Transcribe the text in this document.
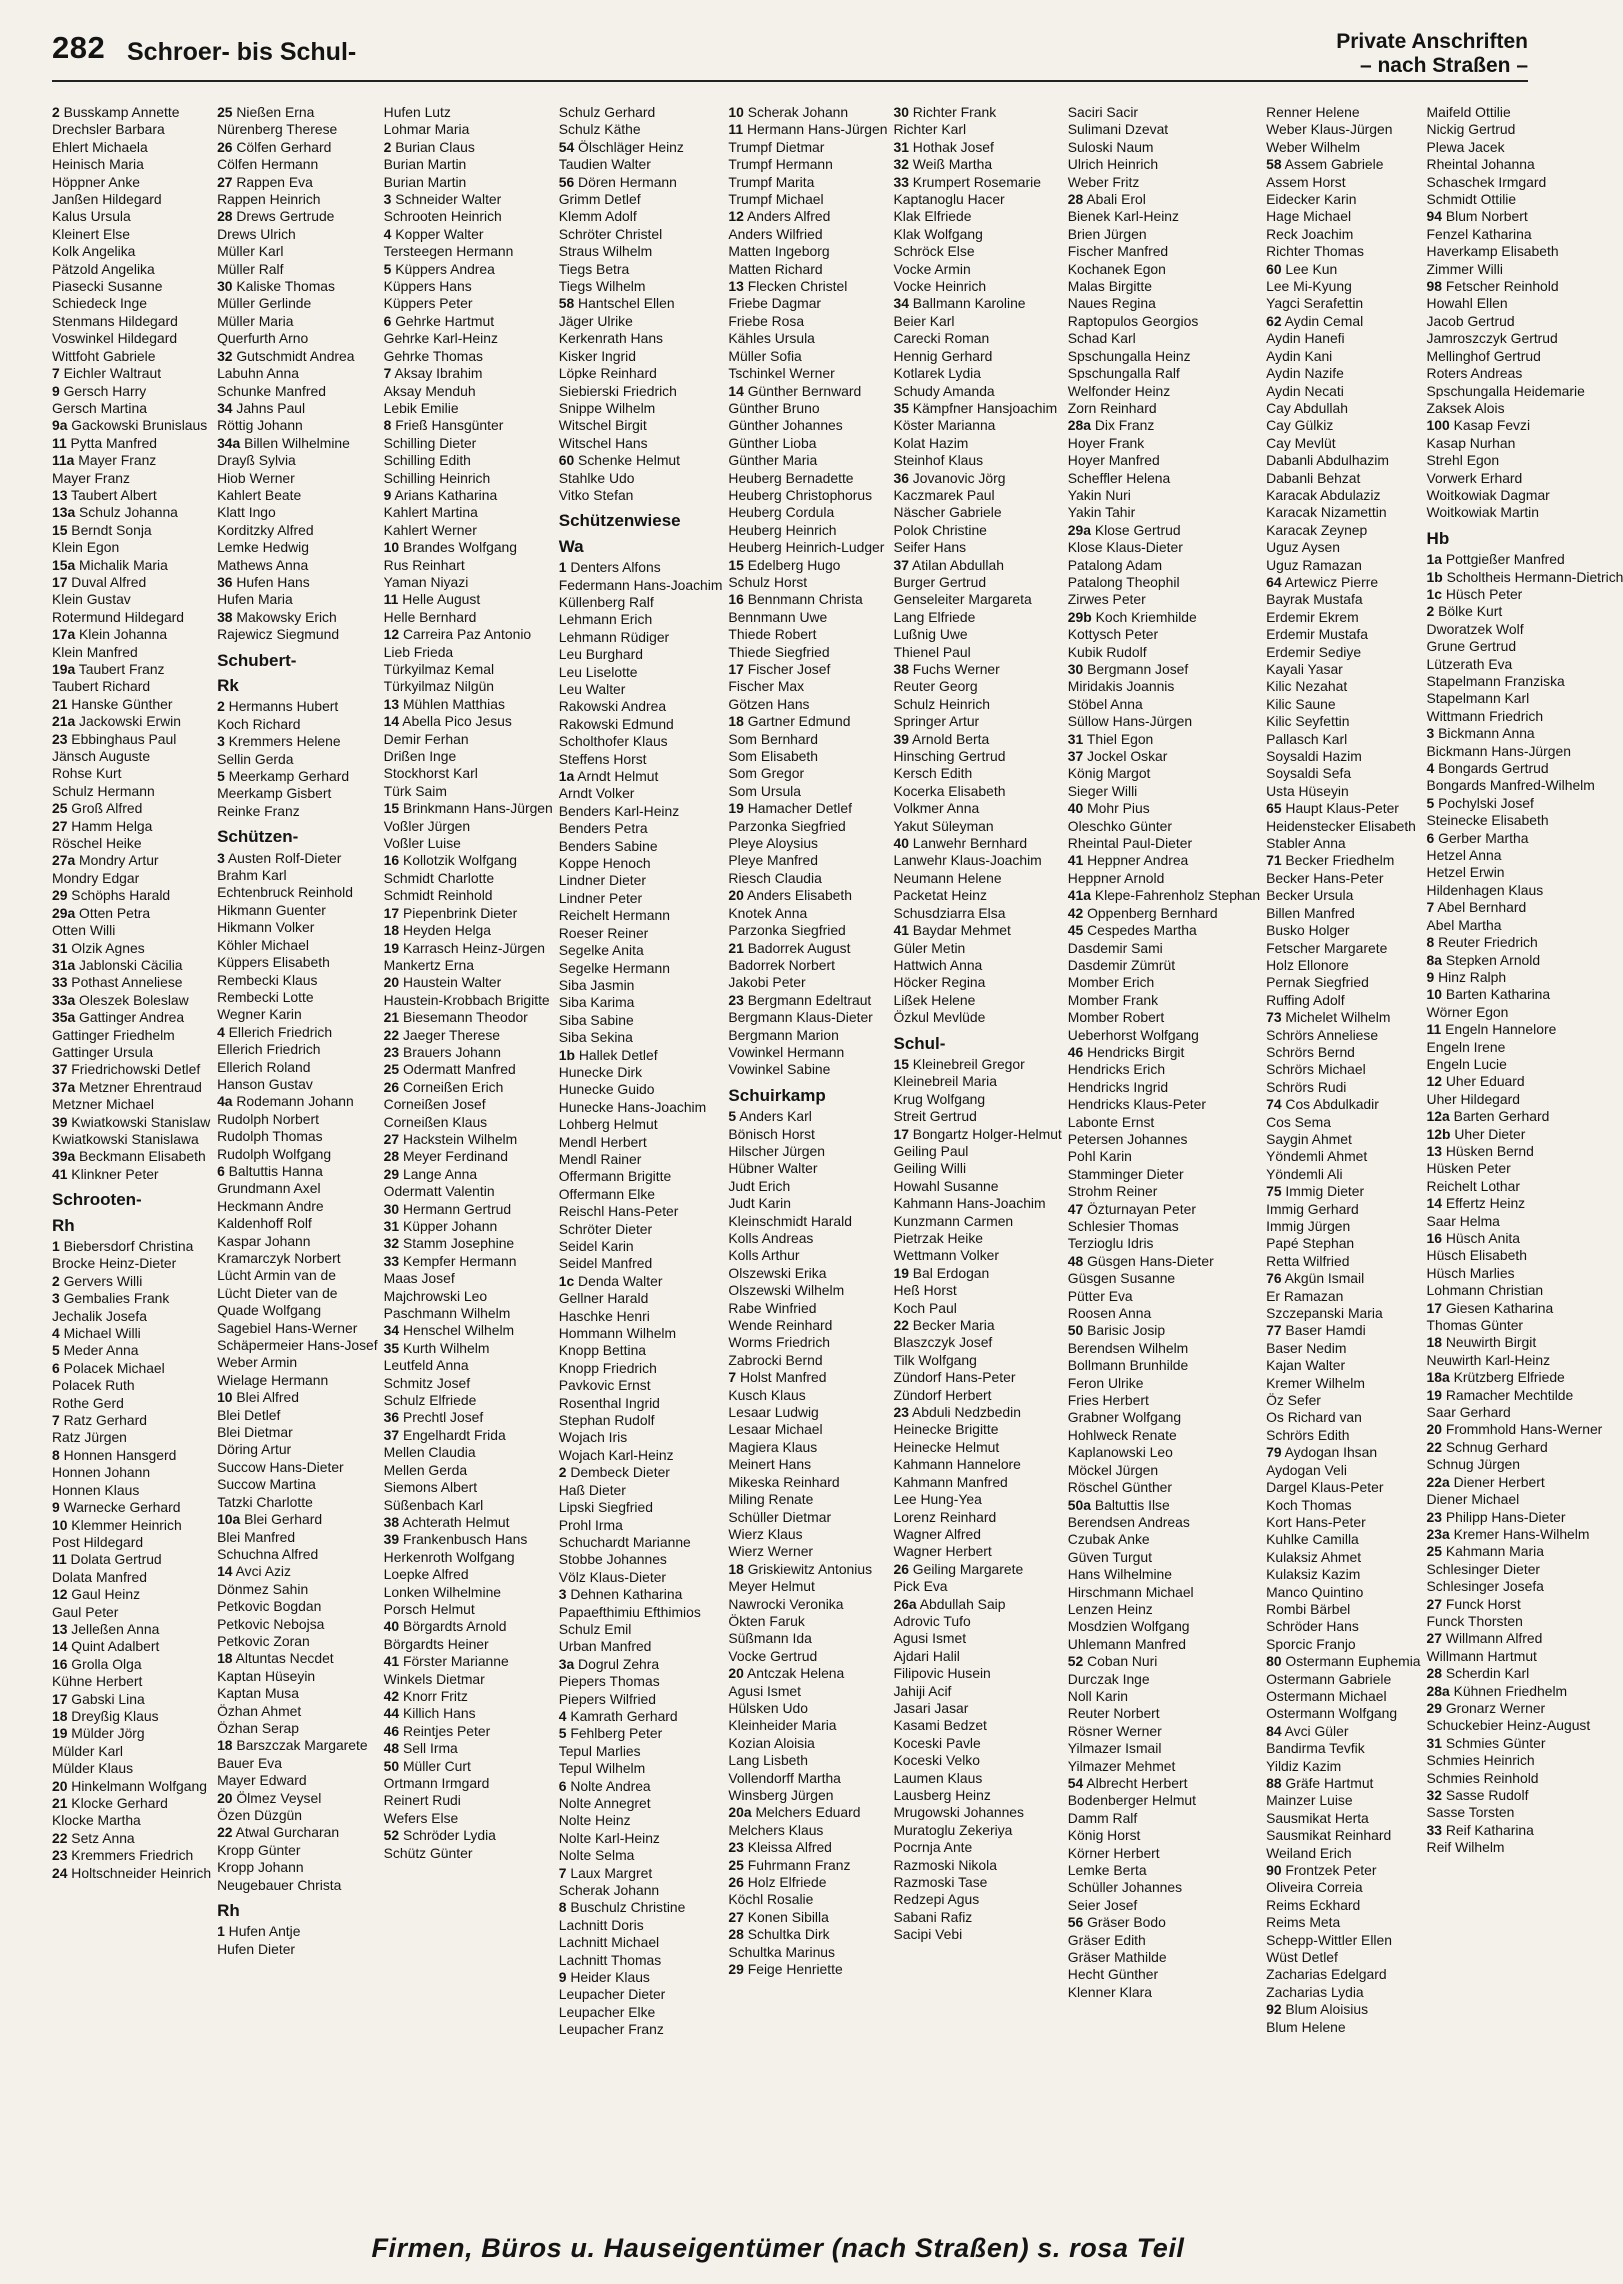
282 Schroer- bis Schul-	Private Anschriften
– nach Straßen –
2 Busskamp Annette
Drechsler Barbara
Ehlert Michaela
Heinisch Maria
Höppner Anke
Janßen Hildegard
Kalus Ursula
Kleinert Else
Kolk Angelika
Pätzold Angelika
Piasecki Susanne
Schiedeck Inge
Stenmans Hildegard
Voswinkel Hildegard
Wittfoht Gabriele
7 Eichler Waltraut
9 Gersch Harry
Gersch Martina
9a Gackowski Brunislaus
11 Pytta Manfred
11a Mayer Franz
Mayer Franz
13 Taubert Albert
13a Schulz Johanna
15 Berndt Sonja
Klein Egon
15a Michalik Maria
17 Duval Alfred
Klein Gustav
Rotermund Hildegard
17a Klein Johanna
Klein Manfred
19a Taubert Franz
Taubert Richard
21 Hanske Günther
21a Jackowski Erwin
23 Ebbinghaus Paul
Jänsch Auguste
Rohse Kurt
Schulz Hermann
25 Groß Alfred
27 Hamm Helga
Röschel Heike
27a Mondry Artur
Mondry Edgar
29 Schöphs Harald
29a Otten Petra
Otten Willi
31 Olzik Agnes
31a Jablonski Cäcilia
33 Pothast Anneliese
33a Oleszek Boleslaw
35a Gattinger Andrea
Gattinger Friedhelm
Gattinger Ursula
37 Friedrichowski Detlef
37a Metzner Ehrentraud
Metzner Michael
39 Kwiatkowski Stanislaw
Kwiatkowski Stanislawa
39a Beckmann Elisabeth
41 Klinkner Peter
Schrooten-
Rh
1 Biebersdorf Christina
Brocke Heinz-Dieter
2 Gervers Willi
3 Gembalies Frank
Jechalik Josefa
4 Michael Willi
5 Meder Anna
6 Polacek Michael
Polacek Ruth
Rothe Gerd
7 Ratz Gerhard
Ratz Jürgen
8 Honnen Hansgerd
Honnen Johann
Honnen Klaus
9 Warnecke Gerhard
10 Klemmer Heinrich
Post Hildegard
11 Dolata Gertrud
Dolata Manfred
12 Gaul Heinz
Gaul Peter
13 Jelleßen Anna
14 Quint Adalbert
16 Grolla Olga
Kühne Herbert
17 Gabski Lina
18 Dreyßig Klaus
19 Mülder Jörg
Mülder Karl
Mülder Klaus
20 Hinkelmann Wolfgang
21 Klocke Gerhard
Klocke Martha
22 Setz Anna
23 Kremmers Friedrich
24 Holtschneider Heinrich
25 Nießen Erna
Nürenberg Therese
26 Cölfen Gerhard
Cölfen Hermann
27 Rappen Eva
Rappen Heinrich
28 Drews Gertrude
Drews Ulrich
Müller Karl
Müller Ralf
30 Kaliske Thomas
Müller Gerlinde
Müller Maria
Querfurth Arno
32 Gutschmidt Andrea
Labuhn Anna
Schunke Manfred
34 Jahns Paul
Röttig Johann
34a Billen Wilhelmine
Drayß Sylvia
Hiob Werner
Kahlert Beate
Klatt Ingo
Korditzky Alfred
Lemke Hedwig
Mathews Anna
36 Hufen Hans
Hufen Maria
38 Makowsky Erich
Rajewicz Siegmund
Schubert-
Rk
2 Hermanns Hubert
Koch Richard
3 Kremmers Helene
Sellin Gerda
5 Meerkamp Gerhard
Meerkamp Gisbert
Reinke Franz
Schützen-
3 Austen Rolf-Dieter
Brahm Karl
Echtenbruck Reinhold
Hikmann Guenter
Hikmann Volker
Köhler Michael
Küppers Elisabeth
Rembecki Klaus
Rembecki Lotte
Wegner Karin
4 Ellerich Friedrich
Ellerich Friedrich
Ellerich Roland
Hanson Gustav
4a Rodemann Johann
Rudolph Norbert
Rudolph Thomas
Rudolph Wolfgang
6 Baltuttis Hanna
Grundmann Axel
Heckmann Andre
Kaldenhoff Rolf
Kaspar Johann
Kramarczyk Norbert
Lücht Armin van de
Lücht Dieter van de
Quade Wolfgang
Sagebiel Hans-Werner
Schäpermeier Hans-Josef
Weber Armin
Wielage Hermann
10 Blei Alfred
Blei Detlef
Blei Dietmar
Döring Artur
Succow Hans-Dieter
Succow Martina
Tatzki Charlotte
10a Blei Gerhard
Blei Manfred
Schuchna Alfred
14 Avci Aziz
Dönmez Sahin
Petkovic Bogdan
Petkovic Nebojsa
Petkovic Zoran
18 Altuntas Necdet
Kaptan Hüseyin
Kaptan Musa
Özhan Ahmet
Özhan Serap
18 Barszczak Margarete
Bauer Eva
Mayer Edward
20 Ölmez Veysel
Özen Düzgün
22 Atwal Gurcharan
Kropp Günter
Kropp Johann
Neugebauer Christa
Rh
1 Hufen Antje
Hufen Dieter
Hufen Lutz
Lohmar Maria
2 Burian Claus
Burian Martin
Burian Martin
3 Schneider Walter
Schrooten Heinrich
4 Kopper Walter
Tersteegen Hermann
5 Küppers Andrea
Küppers Hans
Küppers Peter
6 Gehrke Hartmut
Gehrke Karl-Heinz
Gehrke Thomas
7 Aksay Ibrahim
Aksay Menduh
Lebik Emilie
8 Frieß Hansgünter
Schilling Dieter
Schilling Edith
Schilling Heinrich
9 Arians Katharina
Kahlert Martina
Kahlert Werner
10 Brandes Wolfgang
Rus Reinhart
Yaman Niyazi
11 Helle August
Helle Bernhard
12 Carreira Paz Antonio
Lieb Frieda
Türkyilmaz Kemal
Türkyilmaz Nilgün
13 Mühlen Matthias
14 Abella Pico Jesus
Demir Ferhan
Drißen Inge
Stockhorst Karl
Türk Saim
15 Brinkmann Hans-Jürgen
Voßler Jürgen
Voßler Luise
16 Kollotzik Wolfgang
Schmidt Charlotte
Schmidt Reinhold
17 Piepenbrink Dieter
18 Heyden Helga
19 Karrasch Heinz-Jürgen
Mankertz Erna
20 Haustein Walter
Haustein-Krobbach Brigitte
21 Biesemann Theodor
22 Jaeger Therese
23 Brauers Johann
25 Odermatt Manfred
26 Corneißen Erich
Corneißen Josef
Corneißen Klaus
27 Hackstein Wilhelm
28 Meyer Ferdinand
29 Lange Anna
Odermatt Valentin
30 Hermann Gertrud
31 Küpper Johann
32 Stamm Josephine
33 Kempfer Hermann
Maas Josef
Majchrowski Leo
Paschmann Wilhelm
34 Henschel Wilhelm
35 Kurth Wilhelm
Leutfeld Anna
Schmitz Josef
Schulz Elfriede
36 Prechtl Josef
37 Engelhardt Frida
Mellen Claudia
Mellen Gerda
Siemons Albert
Süßenbach Karl
38 Achterath Helmut
39 Frankenbusch Hans
Herkenroth Wolfgang
Loepke Alfred
Lonken Wilhelmine
Porsch Helmut
40 Börgardts Arnold
Börgardts Heiner
41 Förster Marianne
Winkels Dietmar
42 Knorr Fritz
44 Killich Hans
46 Reintjes Peter
48 Sell Irma
50 Müller Curt
Ortmann Irmgard
Reinert Rudi
Wefers Else
52 Schröder Lydia
Schütz Günter
Schulz Gerhard
Schulz Käthe
54 Ölschläger Heinz
Taudien Walter
56 Dören Hermann
Grimm Detlef
Klemm Adolf
Schröter Christel
Straus Wilhelm
Tiegs Betra
Tiegs Wilhelm
58 Hantschel Ellen
Jäger Ulrike
Kerkenrath Hans
Kisker Ingrid
Löpke Reinhard
Siebierski Friedrich
Snippe Wilhelm
Witschel Birgit
Witschel Hans
60 Schenke Helmut
Stahlke Udo
Vitko Stefan
Schützenwiese
Wa
1 Denters Alfons
Federmann Hans-Joachim
Küllenberg Ralf
Lehmann Erich
Lehmann Rüdiger
Leu Burghard
Leu Liselotte
Leu Walter
Rakowski Andrea
Rakowski Edmund
Scholthofer Klaus
Steffens Horst
1a Arndt Helmut
Arndt Volker
Benders Karl-Heinz
Benders Petra
Benders Sabine
Koppe Henoch
Lindner Dieter
Lindner Peter
Reichelt Hermann
Roeser Reiner
Segelke Anita
Segelke Hermann
Siba Jasmin
Siba Karima
Siba Sabine
Siba Sekina
1b Hallek Detlef
Hunecke Dirk
Hunecke Guido
Hunecke Hans-Joachim
Lohberg Helmut
Mendl Herbert
Mendl Rainer
Offermann Brigitte
Offermann Elke
Reischl Hans-Peter
Schröter Dieter
Seidel Karin
Seidel Manfred
1c Denda Walter
Gellner Harald
Haschke Henri
Hommann Wilhelm
Knopp Bettina
Knopp Friedrich
Pavkovic Ernst
Rosenthal Ingrid
Stephan Rudolf
Wojach Iris
Wojach Karl-Heinz
2 Dembeck Dieter
Haß Dieter
Lipski Siegfried
Prohl Irma
Schuchardt Marianne
Stobbe Johannes
Völz Klaus-Dieter
3 Dehnen Katharina
Papaefthimiu Efthimios
Schulz Emil
Urban Manfred
3a Dogrul Zehra
Piepers Thomas
Piepers Wilfried
4 Kamrath Gerhard
5 Fehlberg Peter
Tepul Marlies
Tepul Wilhelm
6 Nolte Andrea
Nolte Annegret
Nolte Heinz
Nolte Karl-Heinz
Nolte Selma
7 Laux Margret
Scherak Johann
8 Buschulz Christine
Lachnitt Doris
Lachnitt Michael
Lachnitt Thomas
9 Heider Klaus
Leupacher Dieter
Leupacher Elke
Leupacher Franz
10 Scherak Johann
11 Hermann Hans-Jürgen
Trumpf Dietmar
Trumpf Hermann
Trumpf Marita
Trumpf Michael
12 Anders Alfred
Anders Wilfried
Matten Ingeborg
Matten Richard
13 Flecken Christel
Friebe Dagmar
Friebe Rosa
Kähles Ursula
Müller Sofia
Tschinkel Werner
14 Günther Bernward
Günther Bruno
Günther Johannes
Günther Lioba
Günther Maria
Heuberg Bernadette
Heuberg Christophorus
Heuberg Cordula
Heuberg Heinrich
Heuberg Heinrich-Ludger
15 Edelberg Hugo
Schulz Horst
16 Bennmann Christa
Bennmann Uwe
Thiede Robert
Thiede Siegfried
17 Fischer Josef
Fischer Max
Götzen Hans
18 Gartner Edmund
Som Bernhard
Som Elisabeth
Som Gregor
Som Ursula
19 Hamacher Detlef
Parzonka Siegfried
Pleye Aloysius
Pleye Manfred
Riesch Claudia
20 Anders Elisabeth
Knotek Anna
Parzonka Siegfried
21 Badorrek August
Badorrek Norbert
Jakobi Peter
23 Bergmann Edeltraut
Bergmann Klaus-Dieter
Bergmann Marion
Vowinkel Hermann
Vowinkel Sabine
Schuirkamp
5 Anders Karl
Bönisch Horst
Hilscher Jürgen
Hübner Walter
Judt Erich
Judt Karin
Kleinschmidt Harald
Kolls Andreas
Kolls Arthur
Olszewski Erika
Olszewski Wilhelm
Rabe Winfried
Wende Reinhard
Worms Friedrich
Zabrocki Bernd
7 Holst Manfred
Kusch Klaus
Lesaar Ludwig
Lesaar Michael
Magiera Klaus
Meinert Hans
Mikeska Reinhard
Miling Renate
Schüller Dietmar
Wierz Klaus
Wierz Werner
18 Griskiewitz Antonius
Meyer Helmut
Nawrocki Veronika
Ökten Faruk
Süßmann Ida
Vocke Gertrud
20 Antczak Helena
Agusi Ismet
Hülsken Udo
Kleinheider Maria
Kozian Aloisia
Lang Lisbeth
Vollendorff Martha
Winsberg Jürgen
20a Melchers Eduard
Melchers Klaus
23 Kleissa Alfred
25 Fuhrmann Franz
26 Holz Elfriede
Köchl Rosalie
27 Konen Sibilla
28 Schultka Dirk
Schultka Marinus
29 Feige Henriette
30 Richter Frank
Richter Karl
31 Hothak Josef
32 Weiß Martha
33 Krumpert Rosemarie
Kaptanoglu Hacer
Klak Elfriede
Klak Wolfgang
Schröck Else
Vocke Armin
Vocke Heinrich
34 Ballmann Karoline
Beier Karl
Carecki Roman
Hennig Gerhard
Kotlarek Lydia
Schudy Amanda
35 Kämpfner Hansjoachim
Köster Marianna
Kolat Hazim
Steinhof Klaus
36 Jovanovic Jörg
Kaczmarek Paul
Näscher Gabriele
Polok Christine
Seifer Hans
37 Atilan Abdullah
Burger Gertrud
Genseleiter Margareta
Lang Elfriede
Lußnig Uwe
Thienel Paul
38 Fuchs Werner
Reuter Georg
Schulz Heinrich
Springer Artur
39 Arnold Berta
Hinsching Gertrud
Kersch Edith
Kocerka Elisabeth
Volkmer Anna
Yakut Süleyman
40 Lanwehr Bernhard
Lanwehr Klaus-Joachim
Neumann Helene
Packetat Heinz
Schusdziarra Elsa
41 Baydar Mehmet
Güler Metin
Hattwich Anna
Höcker Regina
Lißek Helene
Özkul Mevlüde
Schul-
15 Kleinebreil Gregor
Kleinebreil Maria
Krug Wolfgang
Streit Gertrud
17 Bongartz Holger-Helmut
Geiling Paul
Geiling Willi
Howahl Susanne
Kahmann Hans-Joachim
Kunzmann Carmen
Pietrzak Heike
Wettmann Volker
19 Bal Erdogan
Heß Horst
Koch Paul
22 Becker Maria
Blaszczyk Josef
Tilk Wolfgang
Zündorf Hans-Peter
Zündorf Herbert
23 Abduli Nedzbedin
Heinecke Brigitte
Heinecke Helmut
Kahmann Hannelore
Kahmann Manfred
Lee Hung-Yea
Lorenz Reinhard
Wagner Alfred
Wagner Herbert
26 Geiling Margarete
Pick Eva
26a Abdullah Saip
Adrovic Tufo
Agusi Ismet
Ajdari Halil
Filipovic Husein
Jahiji Acif
Jasari Jasar
Kasami Bedzet
Koceski Pavle
Koceski Velko
Laumen Klaus
Lausberg Heinz
Mrugowski Johannes
Muratoglu Zekeriya
Pocrnja Ante
Razmoski Nikola
Razmoski Tase
Redzepi Agus
Sabani Rafiz
Sacipi Vebi
Saciri Sacir
Sulimani Dzevat
Suloski Naum
Ulrich Heinrich
Weber Fritz
28 Abali Erol
Bienek Karl-Heinz
Brien Jürgen
Fischer Manfred
Kochanek Egon
Malas Birgitte
Naues Regina
Raptopulos Georgios
Schad Karl
Spschungalla Heinz
Spschungalla Ralf
Welfonder Heinz
Zorn Reinhard
28a Dix Franz
Hoyer Frank
Hoyer Manfred
Scheffler Helena
Yakin Nuri
Yakin Tahir
29a Klose Gertrud
Klose Klaus-Dieter
Patalong Adam
Patalong Theophil
Zirwes Peter
29b Koch Kriemhilde
Kottysch Peter
Kubik Rudolf
30 Bergmann Josef
Miridakis Joannis
Stöbel Anna
Süllow Hans-Jürgen
31 Thiel Egon
37 Jockel Oskar
König Margot
Sieger Willi
40 Mohr Pius
Oleschko Günter
Rheintal Paul-Dieter
41 Heppner Andrea
Heppner Arnold
41a Klepe-Fahrenholz Stephan
42 Oppenberg Bernhard
45 Cespedes Martha
Dasdemir Sami
Dasdemir Zümrüt
Momber Erich
Momber Frank
Momber Robert
Ueberhorst Wolfgang
46 Hendricks Birgit
Hendricks Erich
Hendricks Ingrid
Hendricks Klaus-Peter
Labonte Ernst
Petersen Johannes
Pohl Karin
Stamminger Dieter
Strohm Reiner
47 Özturnayan Peter
Schlesier Thomas
Terzioglu Idris
48 Güsgen Hans-Dieter
Güsgen Susanne
Pütter Eva
Roosen Anna
50 Barisic Josip
Berendsen Wilhelm
Bollmann Brunhilde
Feron Ulrike
Fries Herbert
Grabner Wolfgang
Hohlweck Renate
Kaplanowski Leo
Möckel Jürgen
Röschel Günther
50a Baltuttis Ilse
Berendsen Andreas
Czubak Anke
Güven Turgut
Hans Wilhelmine
Hirschmann Michael
Lenzen Heinz
Mosdzien Wolfgang
Uhlemann Manfred
52 Coban Nuri
Durczak Inge
Noll Karin
Reuter Norbert
Rösner Werner
Yilmazer Ismail
Yilmazer Mehmet
54 Albrecht Herbert
Bodenberger Helmut
Damm Ralf
König Horst
Körner Herbert
Lemke Berta
Schüller Johannes
Seier Josef
56 Gräser Bodo
Gräser Edith
Gräser Mathilde
Hecht Günther
Klenner Klara
Renner Helene
Weber Klaus-Jürgen
Weber Wilhelm
58 Assem Gabriele
Assem Horst
Eidecker Karin
Hage Michael
Reck Joachim
Richter Thomas
60 Lee Kun
Lee Mi-Kyung
Yagci Serafettin
62 Aydin Cemal
Aydin Hanefi
Aydin Kani
Aydin Nazife
Aydin Necati
Cay Abdullah
Cay Gülkiz
Cay Mevlüt
Dabanli Abdulhazim
Dabanli Behzat
Karacak Abdulaziz
Karacak Nizamettin
Karacak Zeynep
Uguz Aysen
Uguz Ramazan
64 Artewicz Pierre
Bayrak Mustafa
Erdemir Ekrem
Erdemir Mustafa
Erdemir Sediye
Kayali Yasar
Kilic Nezahat
Kilic Saune
Kilic Seyfettin
Pallasch Karl
Soysaldi Hazim
Soysaldi Sefa
Usta Hüseyin
65 Haupt Klaus-Peter
Heidenstecker Elisabeth
Stabler Anna
71 Becker Friedhelm
Becker Hans-Peter
Becker Ursula
Billen Manfred
Busko Holger
Fetscher Margarete
Holz Ellonore
Pernak Siegfried
Ruffing Adolf
73 Michelet Wilhelm
Schrörs Anneliese
Schrörs Bernd
Schrörs Michael
Schrörs Rudi
74 Cos Abdulkadir
Cos Sema
Saygin Ahmet
Yöndemli Ahmet
Yöndemli Ali
75 Immig Dieter
Immig Gerhard
Immig Jürgen
Papé Stephan
Retta Wilfried
76 Akgün Ismail
Er Ramazan
Szczepanski Maria
77 Baser Hamdi
Baser Nedim
Kajan Walter
Kremer Wilhelm
Öz Sefer
Os Richard van
Schrörs Edith
79 Aydogan Ihsan
Aydogan Veli
Dargel Klaus-Peter
Koch Thomas
Kort Hans-Peter
Kuhlke Camilla
Kulaksiz Ahmet
Kulaksiz Kazim
Manco Quintino
Rombi Bärbel
Schröder Hans
Sporcic Franjo
80 Ostermann Euphemia
Ostermann Gabriele
Ostermann Michael
Ostermann Wolfgang
84 Avci Güler
Bandirma Tevfik
Yildiz Kazim
88 Gräfe Hartmut
Mainzer Luise
Sausmikat Herta
Sausmikat Reinhard
Weiland Erich
90 Frontzek Peter
Oliveira Correia
Reims Eckhard
Reims Meta
Schepp-Wittler Ellen
Wüst Detlef
Zacharias Edelgard
Zacharias Lydia
92 Blum Aloisius
Blum Helene
Maifeld Ottilie
Nickig Gertrud
Plewa Jacek
Rheintal Johanna
Schaschek Irmgard
Schmidt Ottilie
94 Blum Norbert
Fenzel Katharina
Haverkamp Elisabeth
Zimmer Willi
98 Fetscher Reinhold
Howahl Ellen
Jacob Gertrud
Jamroszczyk Gertrud
Mellinghof Gertrud
Roters Andreas
Spschungalla Heidemarie
Zaksek Alois
100 Kasap Fevzi
Kasap Nurhan
Strehl Egon
Vorwerk Erhard
Woitkowiak Dagmar
Woitkowiak Martin
Hb
1a Pottgießer Manfred
1b Scholtheis Hermann-Dietrich
1c Hüsch Peter
2 Bölke Kurt
Dworatzek Wolf
Grune Gertrud
Lützerath Eva
Stapelmann Franziska
Stapelmann Karl
Wittmann Friedrich
3 Bickmann Anna
Bickmann Hans-Jürgen
4 Bongards Gertrud
Bongards Manfred-Wilhelm
5 Pochylski Josef
Steinecke Elisabeth
6 Gerber Martha
Hetzel Anna
Hetzel Erwin
Hildenhagen Klaus
7 Abel Bernhard
Abel Martha
8 Reuter Friedrich
8a Stepken Arnold
9 Hinz Ralph
10 Barten Katharina
Wörner Egon
11 Engeln Hannelore
Engeln Irene
Engeln Lucie
12 Uher Eduard
Uher Hildegard
12a Barten Gerhard
12b Uher Dieter
13 Hüsken Bernd
Hüsken Peter
Reichelt Lothar
14 Effertz Heinz
Saar Helma
16 Hüsch Anita
Hüsch Elisabeth
Hüsch Marlies
Lohmann Christian
17 Giesen Katharina
Thomas Günter
18 Neuwirth Birgit
Neuwirth Karl-Heinz
18a Krützberg Elfriede
19 Ramacher Mechtilde
Saar Gerhard
20 Frommhold Hans-Werner
22 Schnug Gerhard
Schnug Jürgen
22a Diener Herbert
Diener Michael
23 Philipp Hans-Dieter
23a Kremer Hans-Wilhelm
25 Kahmann Maria
Schlesinger Dieter
Schlesinger Josefa
27 Funck Horst
Funck Thorsten
27 Willmann Alfred
Willmann Hartmut
28 Scherdin Karl
28a Kühnen Friedhelm
29 Gronarz Werner
Schuckebier Heinz-August
31 Schmies Günter
Schmies Heinrich
Schmies Reinhold
32 Sasse Rudolf
Sasse Torsten
33 Reif Katharina
Reif Wilhelm
Firmen, Büros u. Hauseigentümer (nach Straßen) s. rosa Teil
